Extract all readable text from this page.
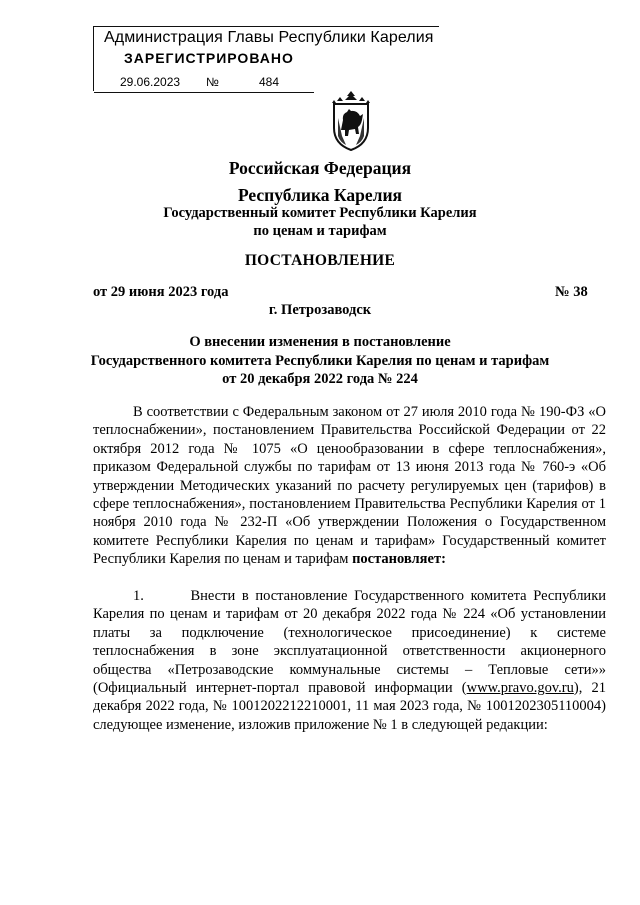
Администрация Главы Республики Карелия
ЗАРЕГИСТРИРОВАНО
29.06.2023 №	484
Российская Федерация
Республика Карелия
Государственный комитет Республики Карелия
по ценам и тарифам
ПОСТАНОВЛЕНИЕ
от 29 июня 2023 года	№ 38
г. Петрозаводск
О внесении изменения в постановление
Государственного комитета Республики Карелия по ценам и тарифам
от 20 декабря 2022 года № 224

В соответствии с Федеральным законом от 27 июля 2010 года № 190-ФЗ «О теплоснабжении», постановлением Правительства Российской Федерации от 22 октября 2012 года № 1075 «О ценообразовании в сфере теплоснабжения», приказом Федеральной службы по тарифам от 13 июня 2013 года № 760-э «Об утверждении Методических указаний по расчету регулируемых цен (тарифов) в сфере теплоснабжения», постановлением Правительства Республики Карелия от 1 ноября 2010 года № 232-П «Об утверждении Положения о Государственном комитете Республики Карелия по ценам и тарифам» Государственный комитет Республики Карелия по ценам и тарифам постановляет:

1.	Внести в постановление Государственного комитета Республики Карелия по ценам и тарифам от 20 декабря 2022 года № 224 «Об установлении платы за подключение (технологическое присоединение) к системе теплоснабжения в зоне эксплуатационной ответственности акционерного общества «Петрозаводские коммунальные системы – Тепловые сети»» (Официальный интернет-портал правовой информации (www.pravo.gov.ru), 21 декабря 2022 года, № 1001202212210001, 11 мая 2023 года, № 1001202305110004) следующее изменение, изложив приложение № 1 в следующей редакции:
